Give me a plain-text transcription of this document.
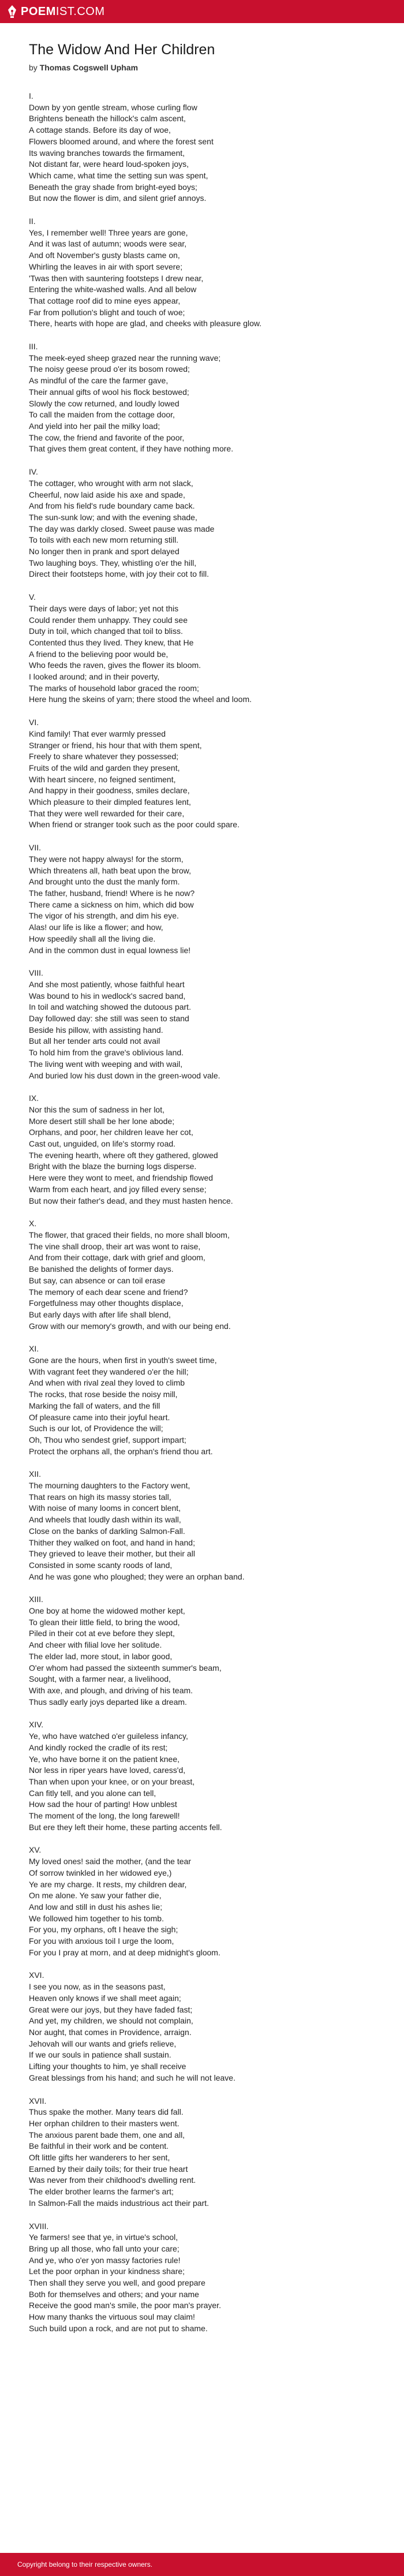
POEMIST.COM
The Widow And Her Children
by Thomas Cogswell Upham
I.
Down by yon gentle stream, whose curling flow
Brightens beneath the hillock's calm ascent,
A cottage stands. Before its day of woe,
Flowers bloomed around, and where the forest sent
Its waving branches towards the firmament,
Not distant far, were heard loud-spoken joys,
Which came, what time the setting sun was spent,
Beneath the gray shade from bright-eyed boys;
But now the flower is dim, and silent grief annoys.
II.
Yes, I remember well! Three years are gone,
And it was last of autumn; woods were sear,
And oft November's gusty blasts came on,
Whirling the leaves in air with sport severe;
'Twas then with sauntering footsteps I drew near,
Entering the white-washed walls. And all below
That cottage roof did to mine eyes appear,
Far from pollution's blight and touch of woe;
There, hearts with hope are glad, and cheeks with pleasure glow.
III.
The meek-eyed sheep grazed near the running wave;
The noisy geese proud o'er its bosom rowed;
As mindful of the care the farmer gave,
Their annual gifts of wool his flock bestowed;
Slowly the cow returned, and loudly lowed
To call the maiden from the cottage door,
And yield into her pail the milky load;
The cow, the friend and favorite of the poor,
That gives them great content, if they have nothing more.
IV.
The cottager, who wrought with arm not slack,
Cheerful, now laid aside his axe and spade,
And from his field's rude boundary came back.
The sun-sunk low; and with the evening shade,
The day was darkly closed. Sweet pause was made
To toils with each new morn returning still.
No longer then in prank and sport delayed
Two laughing boys. They, whistling o'er the hill,
Direct their footsteps home, with joy their cot to fill.
V.
Their days were days of labor; yet not this
Could render them unhappy. They could see
Duty in toil, which changed that toil to bliss.
Contented thus they lived. They knew, that He
A friend to the believing poor would be,
Who feeds the raven, gives the flower its bloom.
I looked around; and in their poverty,
The marks of household labor graced the room;
Here hung the skeins of yarn; there stood the wheel and loom.
VI.
Kind family! That ever warmly pressed
Stranger or friend, his hour that with them spent,
Freely to share whatever they possessed;
Fruits of the wild and garden they present,
With heart sincere, no feigned sentiment,
And happy in their goodness, smiles declare,
Which pleasure to their dimpled features lent,
That they were well rewarded for their care,
When friend or stranger took such as the poor could spare.
VII.
They were not happy always! for the storm,
Which threatens all, hath beat upon the brow,
And brought unto the dust the manly form.
The father, husband, friend! Where is he now?
There came a sickness on him, which did bow
The vigor of his strength, and dim his eye.
Alas! our life is like a flower; and how,
How speedily shall all the living die.
And in the common dust in equal lowness lie!
VIII.
And she most patiently, whose faithful heart
Was bound to his in wedlock's sacred band,
In toil and watching showed the dutoous part.
Day followed day: she still was seen to stand
Beside his pillow, with assisting hand.
But all her tender arts could not avail
To hold him from the grave's oblivious land.
The living went with weeping and with wail,
And buried low his dust down in the green-wood vale.
IX.
Nor this the sum of sadness in her lot,
More desert still shall be her lone abode;
Orphans, and poor, her children leave her cot,
Cast out, unguided, on life's stormy road.
The evening hearth, where oft they gathered, glowed
Bright with the blaze the burning logs disperse.
Here were they wont to meet, and friendship flowed
Warm from each heart, and joy filled every sense;
But now their father's dead, and they must hasten hence.
X.
The flower, that graced their fields, no more shall bloom,
The vine shall droop, their art was wont to raise,
And from their cottage, dark with grief and gloom,
Be banished the delights of former days.
But say, can absence or can toil erase
The memory of each dear scene and friend?
Forgetfulness may other thoughts displace,
But early days with after life shall blend,
Grow with our memory's growth, and with our being end.
XI.
Gone are the hours, when first in youth's sweet time,
With vagrant feet they wandered o'er the hill;
And when with rival zeal they loved to climb
The rocks, that rose beside the noisy mill,
Marking the fall of waters, and the fill
Of pleasure came into their joyful heart.
Such is our lot, of Providence the will;
Oh, Thou who sendest grief, support impart;
Protect the orphans all, the orphan's friend thou art.
XII.
The mourning daughters to the Factory went,
That rears on high its massy stories tall,
With noise of many looms in concert blent,
And wheels that loudly dash within its wall,
Close on the banks of darkling Salmon-Fall.
Thither they walked on foot, and hand in hand;
They grieved to leave their mother, but their all
Consisted in some scanty roods of land,
And he was gone who ploughed; they were an orphan band.
XIII.
One boy at home the widowed mother kept,
To glean their little field, to bring the wood,
Piled in their cot at eve before they slept,
And cheer with filial love her solitude.
The elder lad, more stout, in labor good,
O'er whom had passed the sixteenth summer's beam,
Sought, with a farmer near, a livelihood,
With axe, and plough, and driving of his team.
Thus sadly early joys departed like a dream.
XIV.
Ye, who have watched o'er guileless infancy,
And kindly rocked the cradle of its rest;
Ye, who have borne it on the patient knee,
Nor less in riper years have loved, caress'd,
Than when upon your knee, or on your breast,
Can fitly tell, and you alone can tell,
How sad the hour of parting! How unblest
The moment of the long, the long farewell!
But ere they left their home, these parting accents fell.
XV.
My loved ones! said the mother, (and the tear
Of sorrow twinkled in her widowed eye,)
Ye are my charge. It rests, my children dear,
On me alone. Ye saw your father die,
And low and still in dust his ashes lie;
We followed him together to his tomb.
For you, my orphans, oft I heave the sigh;
For you with anxious toil I urge the loom,
For you I pray at morn, and at deep midnight's gloom.
XVI.
I see you now, as in the seasons past,
Heaven only knows if we shall meet again;
Great were our joys, but they have faded fast;
And yet, my children, we should not complain,
Nor aught, that comes in Providence, arraign.
Jehovah will our wants and griefs relieve,
If we our souls in patience shall sustain.
Lifting your thoughts to him, ye shall receive
Great blessings from his hand; and such he will not leave.
XVII.
Thus spake the mother. Many tears did fall.
Her orphan children to their masters went.
The anxious parent bade them, one and all,
Be faithful in their work and be content.
Oft little gifts her wanderers to her sent,
Earned by their daily toils; for their true heart
Was never from their childhood's dwelling rent.
The elder brother learns the farmer's art;
In Salmon-Fall the maids industrious act their part.
XVIII.
Ye farmers! see that ye, in virtue's school,
Bring up all those, who fall unto your care;
And ye, who o'er yon massy factories rule!
Let the poor orphan in your kindness share;
Then shall they serve you well, and good prepare
Both for themselves and others; and your name
Receive the good man's smile, the poor man's prayer.
How many thanks the virtuous soul may claim!
Such build upon a rock, and are not put to shame.
Copyright belong to their respective owners.
